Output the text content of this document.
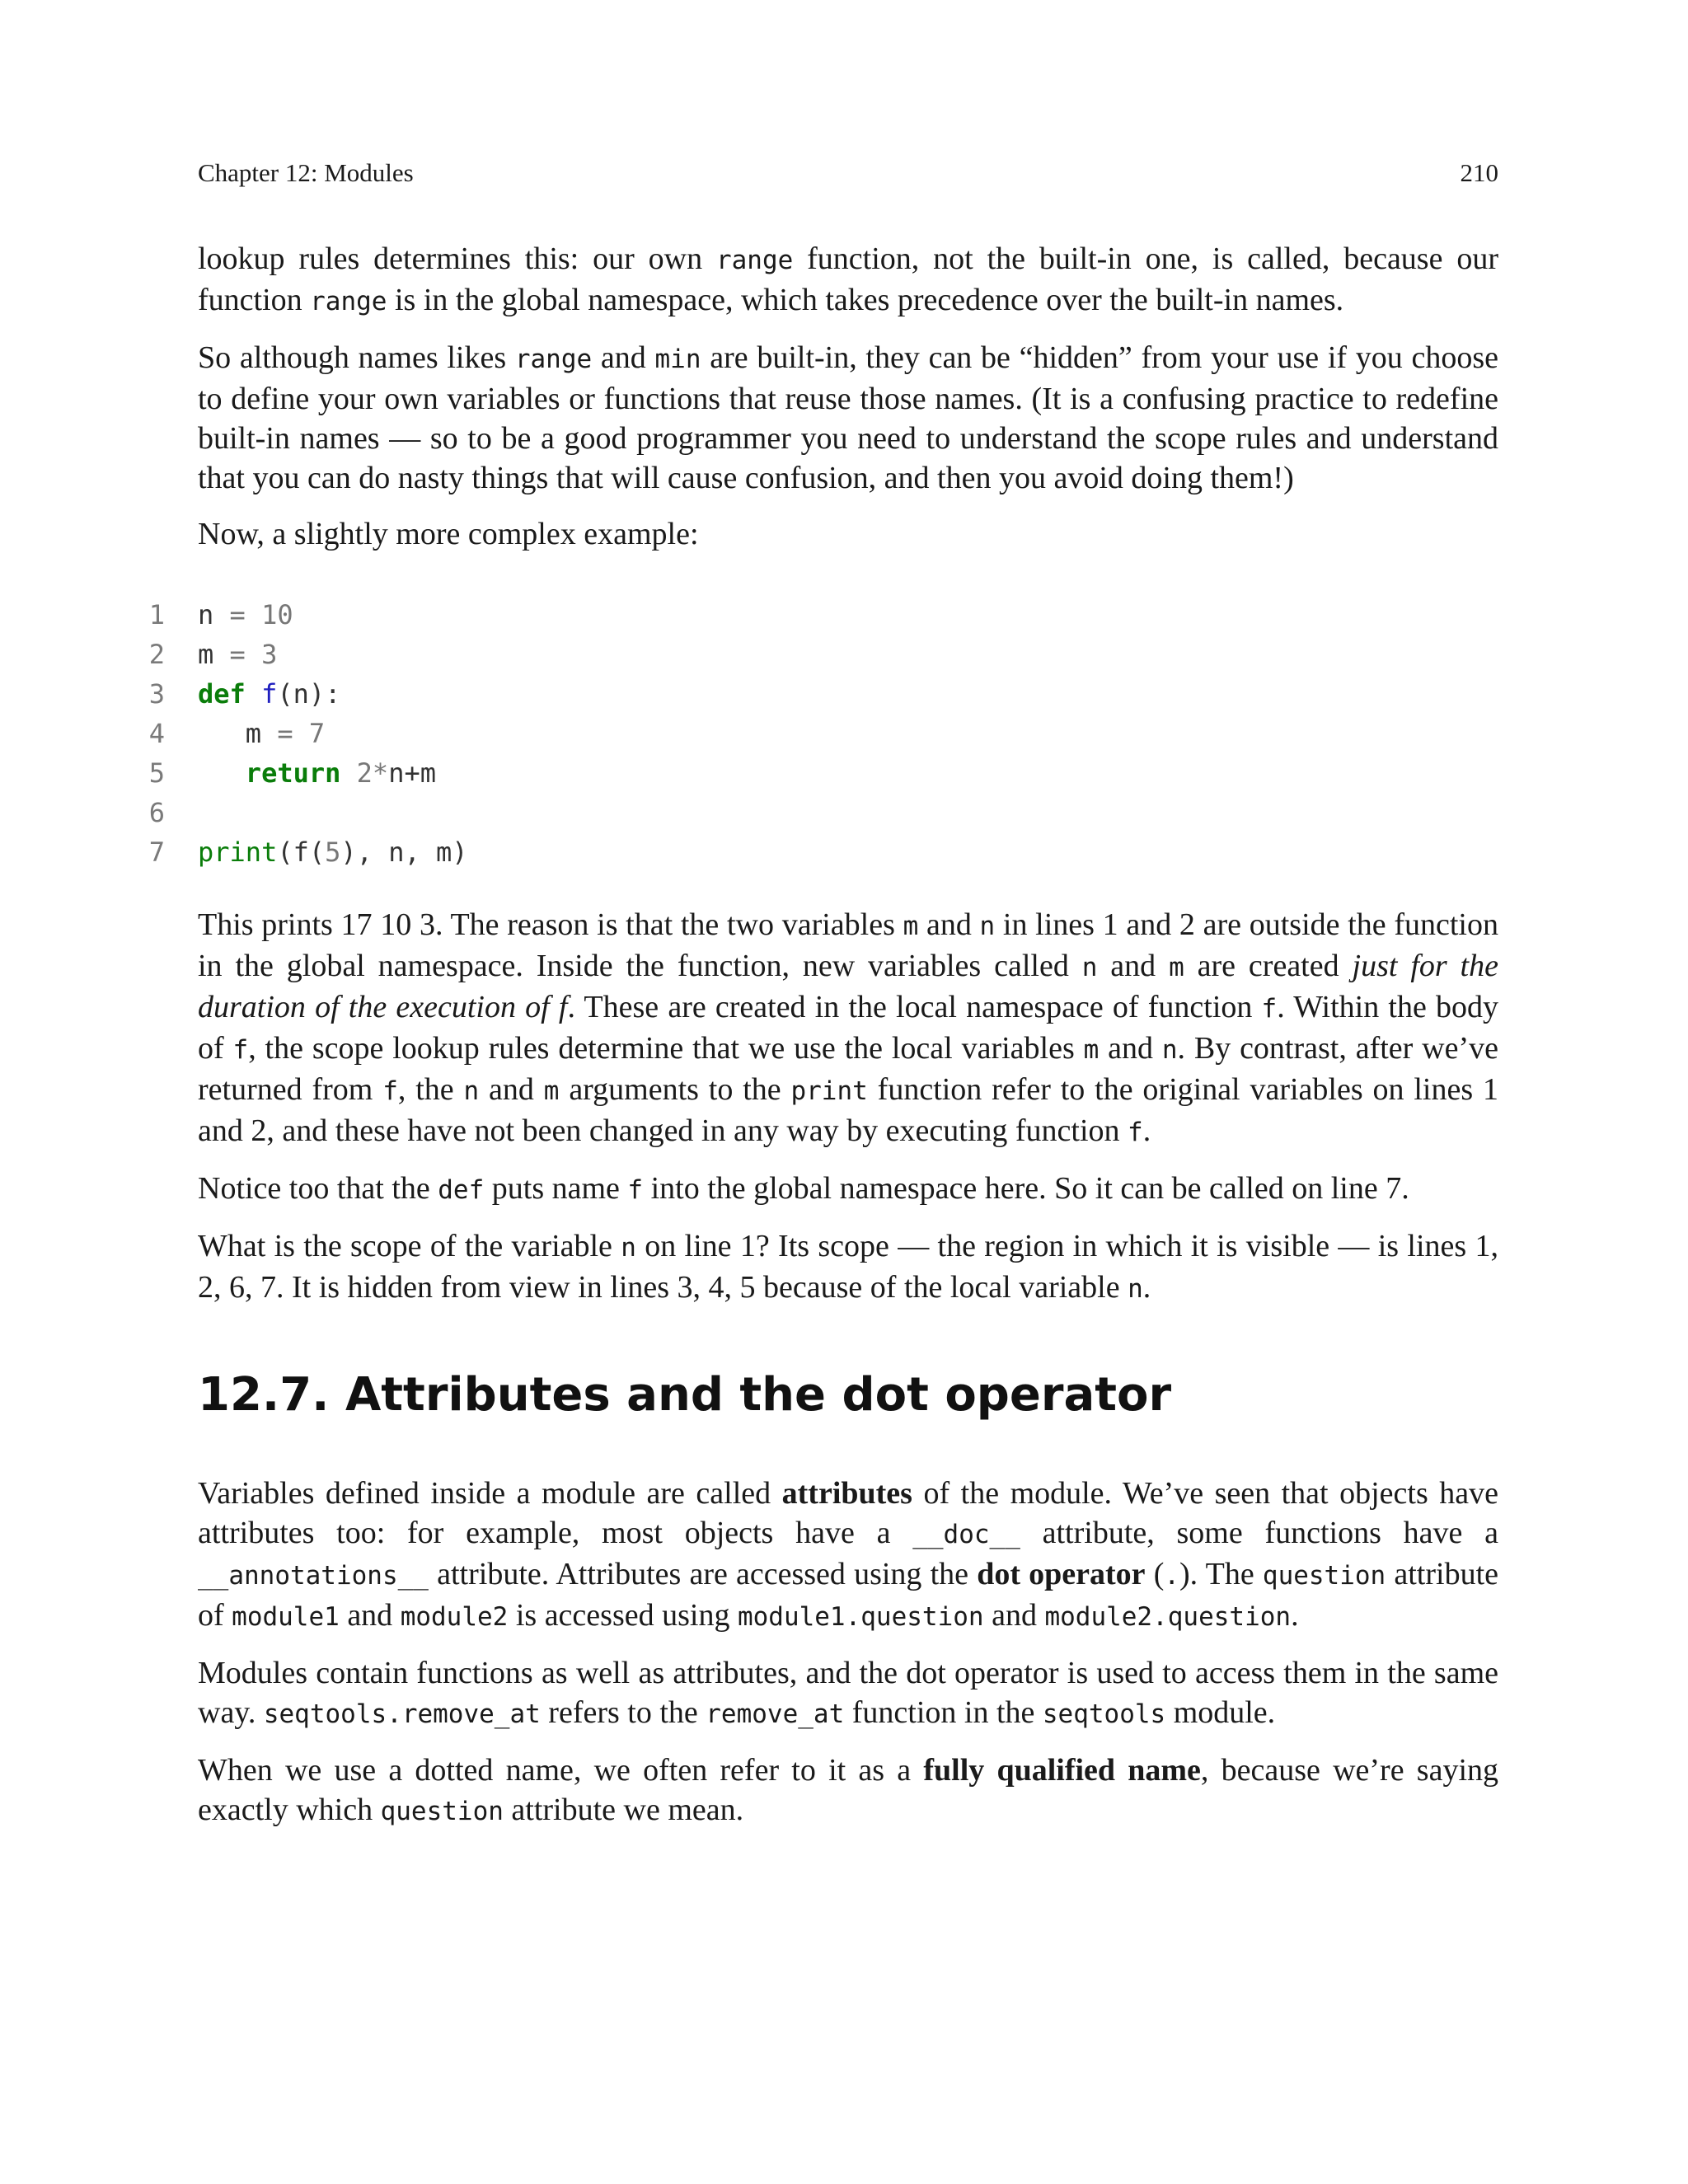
Chapter 12: Modules	210

lookup rules determines this: our own range function, not the built-in one, is called, because our function range is in the global namespace, which takes precedence over the built-in names.

So although names likes range and min are built-in, they can be “hidden” from your use if you choose to define your own variables or functions that reuse those names. (It is a confusing practice to redefine built-in names — so to be a good programmer you need to understand the scope rules and understand that you can do nasty things that will cause confusion, and then you avoid doing them!)

Now, a slightly more complex example:

1	n = 10
2	m = 3
3	def f(n):
4	m = 7
5	return 2*n+m
6
7	print(f(5), n, m)

This prints 17 10 3. The reason is that the two variables m and n in lines 1 and 2 are outside the function in the global namespace. Inside the function, new variables called n and m are created just for the duration of the execution of f. These are created in the local namespace of function f. Within the body of f, the scope lookup rules determine that we use the local variables m and n. By contrast, after we’ve returned from f, the n and m arguments to the print function refer to the original variables on lines 1 and 2, and these have not been changed in any way by executing function f.

Notice too that the def puts name f into the global namespace here. So it can be called on line 7.

What is the scope of the variable n on line 1? Its scope — the region in which it is visible — is lines 1, 2, 6, 7. It is hidden from view in lines 3, 4, 5 because of the local variable n.

12.7. Attributes and the dot operator

Variables defined inside a module are called attributes of the module. We’ve seen that objects have attributes too: for example, most objects have a __doc__ attribute, some functions have a __annotations__ attribute. Attributes are accessed using the dot operator (.). The question attribute of module1 and module2 is accessed using module1.question and module2.question.

Modules contain functions as well as attributes, and the dot operator is used to access them in the same way. seqtools.remove_at refers to the remove_at function in the seqtools module.

When we use a dotted name, we often refer to it as a fully qualified name, because we’re saying exactly which question attribute we mean.
